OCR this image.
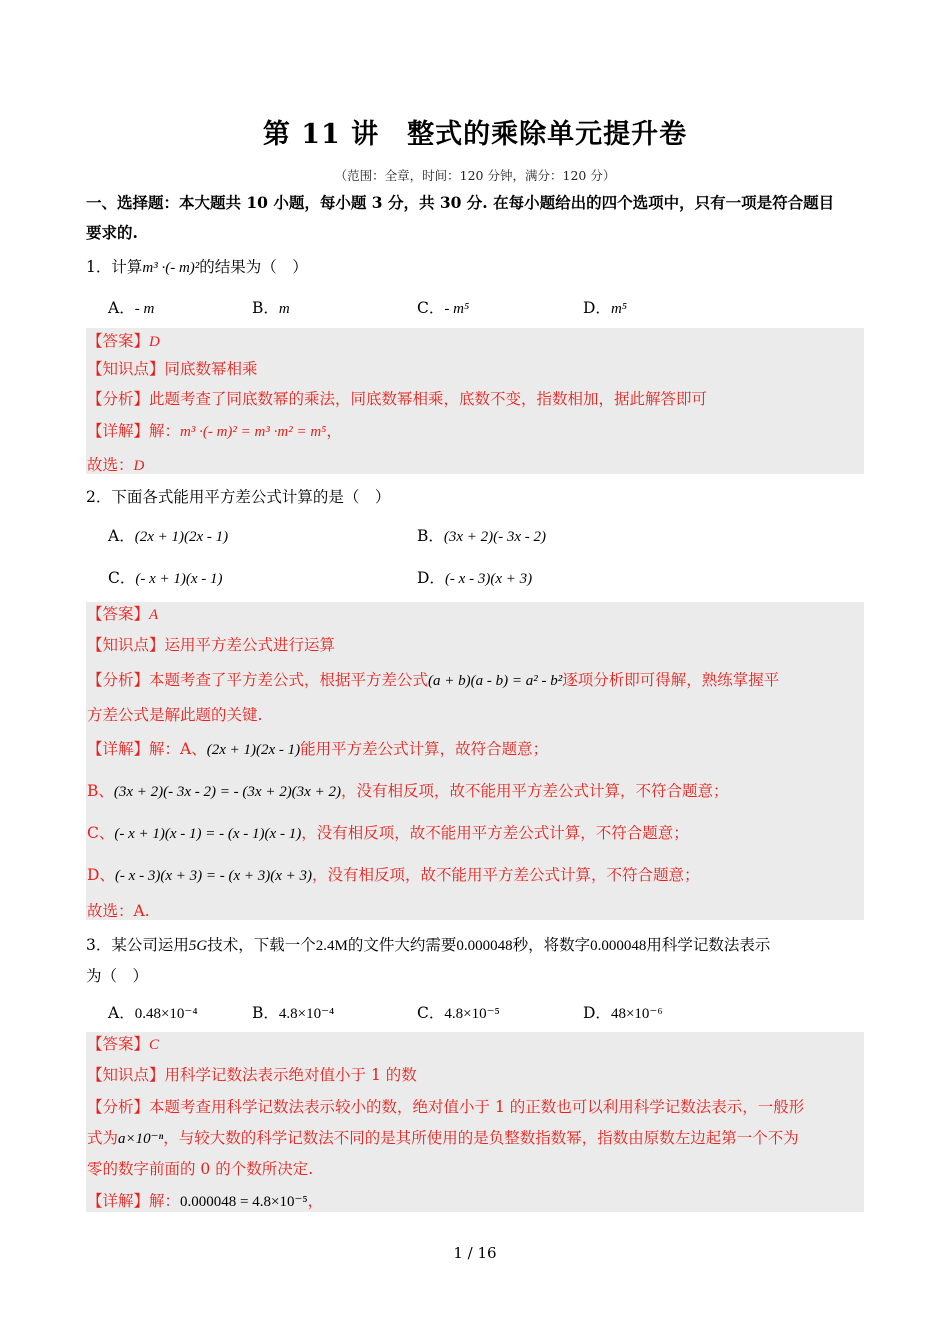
第 11 讲　整式的乘除单元提升卷
（范围：全章，时间：120 分钟，满分：120 分）
一、选择题：本大题共 10 小题，每小题 3 分，共 30 分. 在每小题给出的四个选项中，只有一项是符合题目
要求的.
1．计算m³ ·(- m)²的结果为（　）
A．- m	B．m	C．- m⁵	D．m⁵
【答案】D
【知识点】同底数幂相乘
【分析】此题考查了同底数幂的乘法，同底数幂相乘，底数不变，指数相加，据此解答即可
【详解】解：m³ ·(- m)² = m³ ·m² = m⁵，
故选：D
2．下面各式能用平方差公式计算的是（　）
A．(2x + 1)(2x - 1)	B．(3x + 2)(- 3x - 2)
C．(- x + 1)(x - 1)	D．(- x - 3)(x + 3)
【答案】A
【知识点】运用平方差公式进行运算
【分析】本题考查了平方差公式，根据平方差公式(a + b)(a - b) = a² - b²逐项分析即可得解，熟练掌握平
方差公式是解此题的关键.
【详解】解：A、(2x + 1)(2x - 1)能用平方差公式计算，故符合题意；
B、(3x + 2)(- 3x - 2) = - (3x + 2)(3x + 2)，没有相反项，故不能用平方差公式计算，不符合题意；
C、(- x + 1)(x - 1) = - (x - 1)(x - 1)，没有相反项，故不能用平方差公式计算，不符合题意；
D、(- x - 3)(x + 3) = - (x + 3)(x + 3)，没有相反项，故不能用平方差公式计算，不符合题意；
故选：A.
3．某公司运用5G技术，下载一个2.4M的文件大约需要0.000048秒，将数字0.000048用科学记数法表示
为（　）
A．0.48×10⁻⁴	B．4.8×10⁻⁴	C．4.8×10⁻⁵	D．48×10⁻⁶
【答案】C
【知识点】用科学记数法表示绝对值小于 1 的数
【分析】本题考查用科学记数法表示较小的数，绝对值小于 1 的正数也可以利用科学记数法表示，一般形
式为a×10⁻ⁿ，与较大数的科学记数法不同的是其所使用的是负整数指数幂，指数由原数左边起第一个不为
零的数字前面的 0 的个数所决定.
【详解】解：0.000048 = 4.8×10⁻⁵，
1 / 16
